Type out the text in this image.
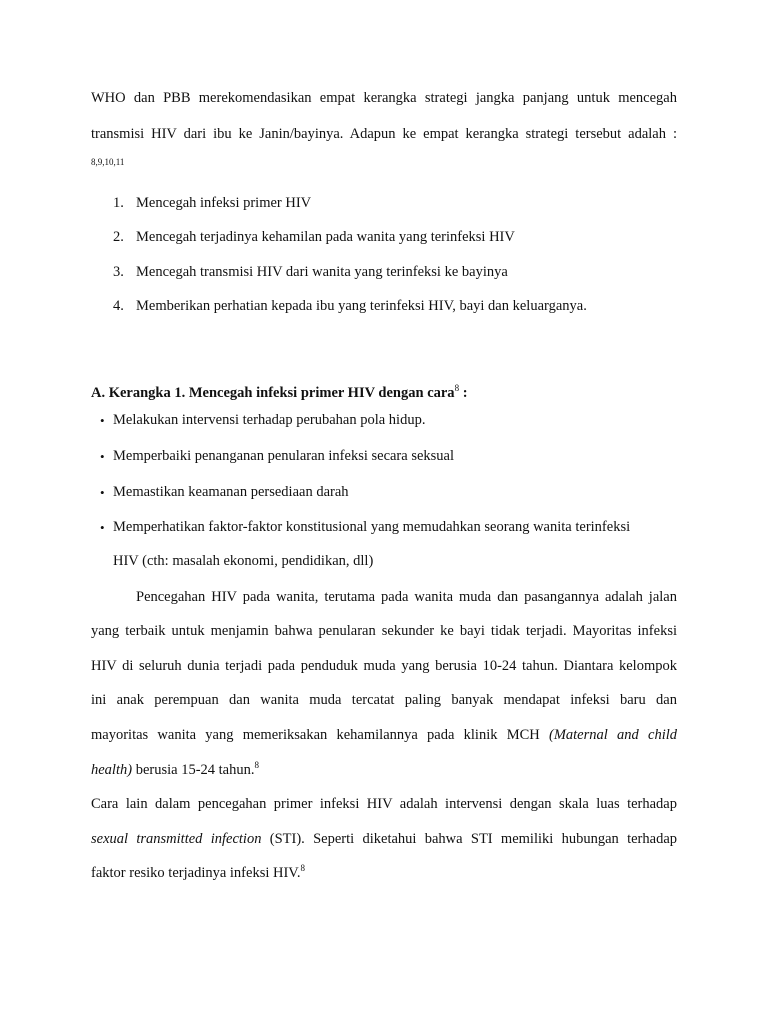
WHO dan PBB merekomendasikan empat kerangka strategi jangka panjang untuk mencegah
transmisi HIV dari ibu ke Janin/bayinya. Adapun ke empat kerangka strategi tersebut adalah :
8,9,10,11
1. Mencegah infeksi primer HIV
2. Mencegah terjadinya kehamilan pada wanita yang terinfeksi HIV
3. Mencegah transmisi HIV dari wanita yang terinfeksi ke bayinya
4. Memberikan perhatian kepada ibu yang terinfeksi HIV, bayi dan keluarganya.
A. Kerangka 1. Mencegah infeksi primer HIV dengan cara$^8$ :
• Melakukan intervensi terhadap perubahan pola hidup.
• Memperbaiki penanganan penularan infeksi secara seksual
• Memastikan keamanan persediaan darah
• Memperhatikan faktor-faktor konstitusional yang memudahkan seorang wanita terinfeksi
HIV (cth: masalah ekonomi, pendidikan, dll)
Pencegahan HIV pada wanita, terutama pada wanita muda dan pasangannya adalah jalan
yang terbaik untuk menjamin bahwa penularan sekunder ke bayi tidak terjadi. Mayoritas infeksi
HIV di seluruh dunia terjadi pada penduduk muda yang berusia 10-24 tahun. Diantara kelompok
ini anak perempuan dan wanita muda tercatat paling banyak mendapat infeksi baru dan
mayoritas wanita yang memeriksakan kehamilannya pada klinik MCH (Maternal and child
health) berusia 15-24 tahun.$^8$
Cara lain dalam pencegahan primer infeksi HIV adalah intervensi dengan skala luas terhadap
sexual transmitted infection (STI). Seperti diketahui bahwa STI memiliki hubungan terhadap
faktor resiko terjadinya infeksi HIV.$^8$
